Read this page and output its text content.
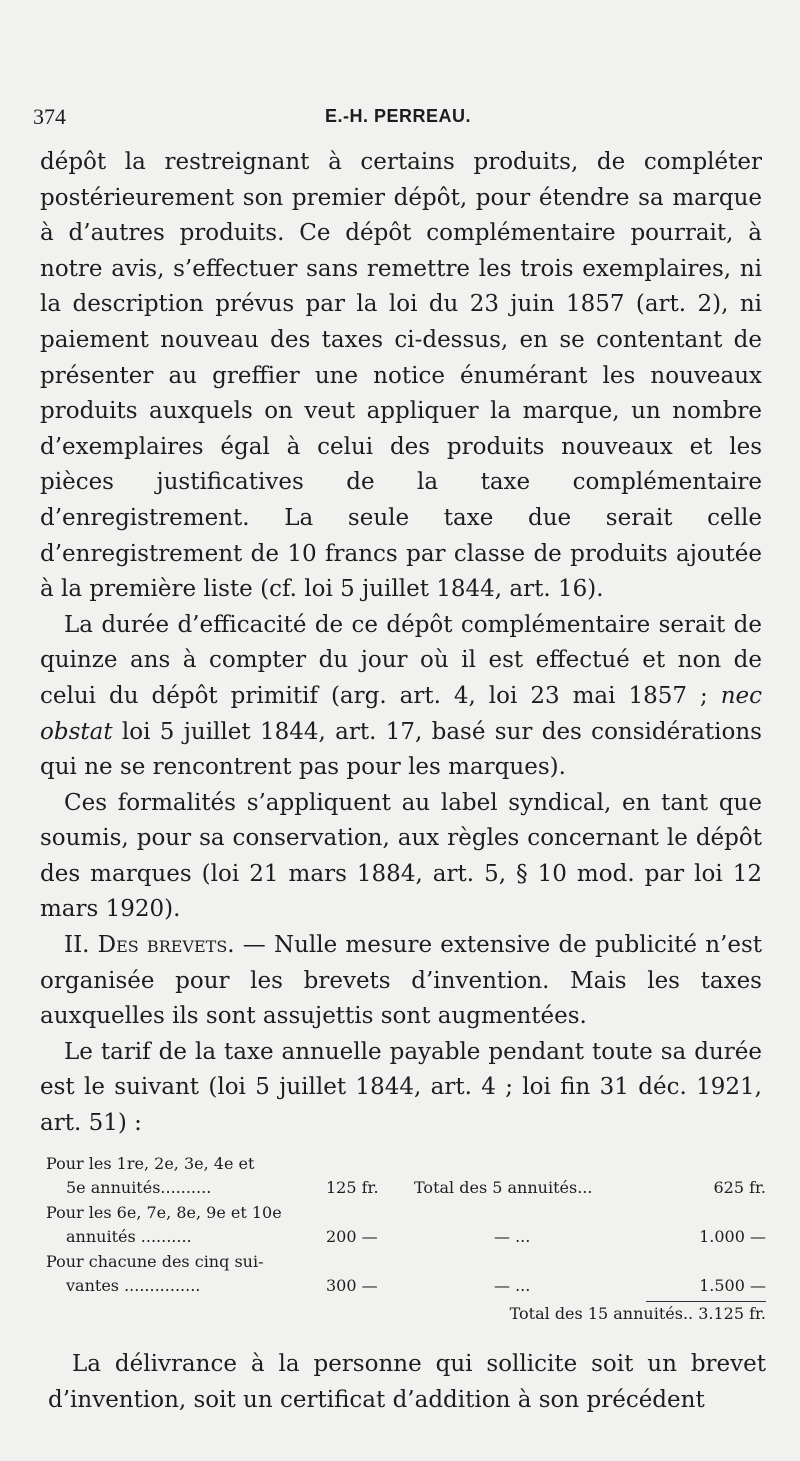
374	E.-H. PERREAU.

dépôt la restreignant à certains produits, de compléter postérieurement son premier dépôt, pour étendre sa marque à d’autres produits. Ce dépôt complémentaire pourrait, à notre avis, s’effectuer sans remettre les trois exemplaires, ni la description prévus par la loi du 23 juin 1857 (art. 2), ni paiement nouveau des taxes ci-dessus, en se contentant de présenter au greffier une notice énumérant les nouveaux produits auxquels on veut appliquer la marque, un nombre d’exemplaires égal à celui des produits nouveaux et les pièces justificatives de la taxe complémentaire d’enregistrement. La seule taxe due serait celle d’enregistrement de 10 francs par classe de produits ajoutée à la première liste (cf. loi 5 juillet 1844, art. 16).

La durée d’efficacité de ce dépôt complémentaire serait de quinze ans à compter du jour où il est effectué et non de celui du dépôt primitif (arg. art. 4, loi 23 mai 1857 ; nec obstat loi 5 juillet 1844, art. 17, basé sur des considérations qui ne se rencontrent pas pour les marques).

Ces formalités s’appliquent au label syndical, en tant que soumis, pour sa conservation, aux règles concernant le dépôt des marques (loi 21 mars 1884, art. 5, § 10 mod. par loi 12 mars 1920).

II. Des brevets. — Nulle mesure extensive de publicité n’est organisée pour les brevets d’invention. Mais les taxes auxquelles ils sont assujettis sont augmentées.

Le tarif de la taxe annuelle payable pendant toute sa durée est le suivant (loi 5 juillet 1844, art. 4 ; loi fin 31 déc. 1921, art. 51) :

Pour les 1re, 2e, 3e, 4e et
5e annuités..........	125 fr. Total des 5 annuités...	625 fr.
Pour les 6e, 7e, 8e, 9e et 10e
annuités ..........	200 —	— ...	1.000 —
Pour chacune des cinq sui-
vantes ...............	300 —	— ...	1.500 —
Total des 15 annuités.. 3.125 fr.

La délivrance à la personne qui sollicite soit un brevet d’invention, soit un certificat d’addition à son précédent
